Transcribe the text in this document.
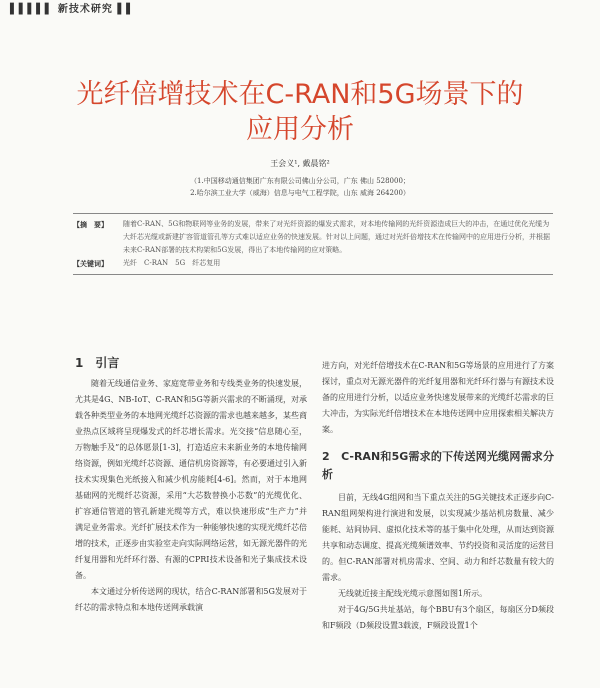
▌▌▌▌▌ 新技术研究 ▌▌
光纤倍增技术在C-RAN和5G场景下的
应用分析
王会义¹, 戴晨铭²
（1.中国移动通信集团广东有限公司佛山分公司，广东 佛山 528000；
2.哈尔滨工业大学（威海）信息与电气工程学院，山东 威海 264200）
【摘　要】	随着C-RAN、5G和物联网等业务的发展，带来了对光纤资源的爆发式需求，对本地传输网的光纤资源造成巨大的冲击，在通过优化光缆为大纤芯光缆或新建扩容管道管孔等方式难以适应业务的快速发展。针对以上问题，通过对光纤倍增技术在传输网中的应用进行分析，并根据未来C-RAN部署的技术构架和5G发展，得出了本地传输网的应对策略。
【关键词】	光纤　C-RAN　5G　纤芯复用
1　引言

随着无线通信业务、家庭宽带业务和专线类业务的快速发展，尤其是4G、NB-IoT、C-RAN和5G等新兴需求的不断涌现，对承载各种类型业务的本地网光缆纤芯资源的需求也越来越多，某些商业热点区域将呈现爆发式的纤芯增长需求。光交接“信息随心至，万物触手及”的总体愿景[1-3]，打造适应未来新业务的本地传输网络资源，例如光缆纤芯资源、通信机房资源等，有必要通过引入新技术实现集色光纸接入和减少机房能耗[4-6]。然而，对于本地网基础网的光缆纤芯资源，采用“大芯数替换小芯数”的光缆优化、扩容通信管道的管孔新建光缆等方式，难以快速形成“生产力”并满足业务需求。光纤扩展技术作为一种能够快速的实现光缆纤芯倍增的技术，正逐步由实验室走向实际网络运营，如无源光器件的光纤复用器和光纤环行器、有源的CPRI技术设备和光子集成技术设备。

本文通过分析传送网的现状，结合C-RAN部署和5G发展对于纤芯的需求特点和本地传送网承载演

进方向，对光纤倍增技术在C-RAN和5G等场景的应用进行了方案探讨，重点对无源光器件的光纤复用器和光纤环行器与有源技术设备的应用进行分析，以适应业务快速发展带来的光缆纤芯需求的巨大冲击，为实际光纤倍增技术在本地传送网中应用探索相关解决方案。

2　C-RAN和5G需求的下传送网光缆网需求分析

目前，无线4G组网和当下重点关注的5G关键技术正逐步向C-RAN组网架构进行演进和发展，以实现减少基站机房数量、减少能耗、站间协同、虚拟化技术等的基于集中化处理，从而达到资源共享和动态调度、提高光缆频谱效率、节约投资和灵活度的运营目的。但C-RAN部署对机房需求、空间、动力和纤芯数量有较大的需求。

无线就近接主配线光缆示意图如图1所示。

对于4G/5G共址基站，每个BBU有3个扇区，每扇区分D频段和F频段（D频段设置3载波，F频段设置1个
